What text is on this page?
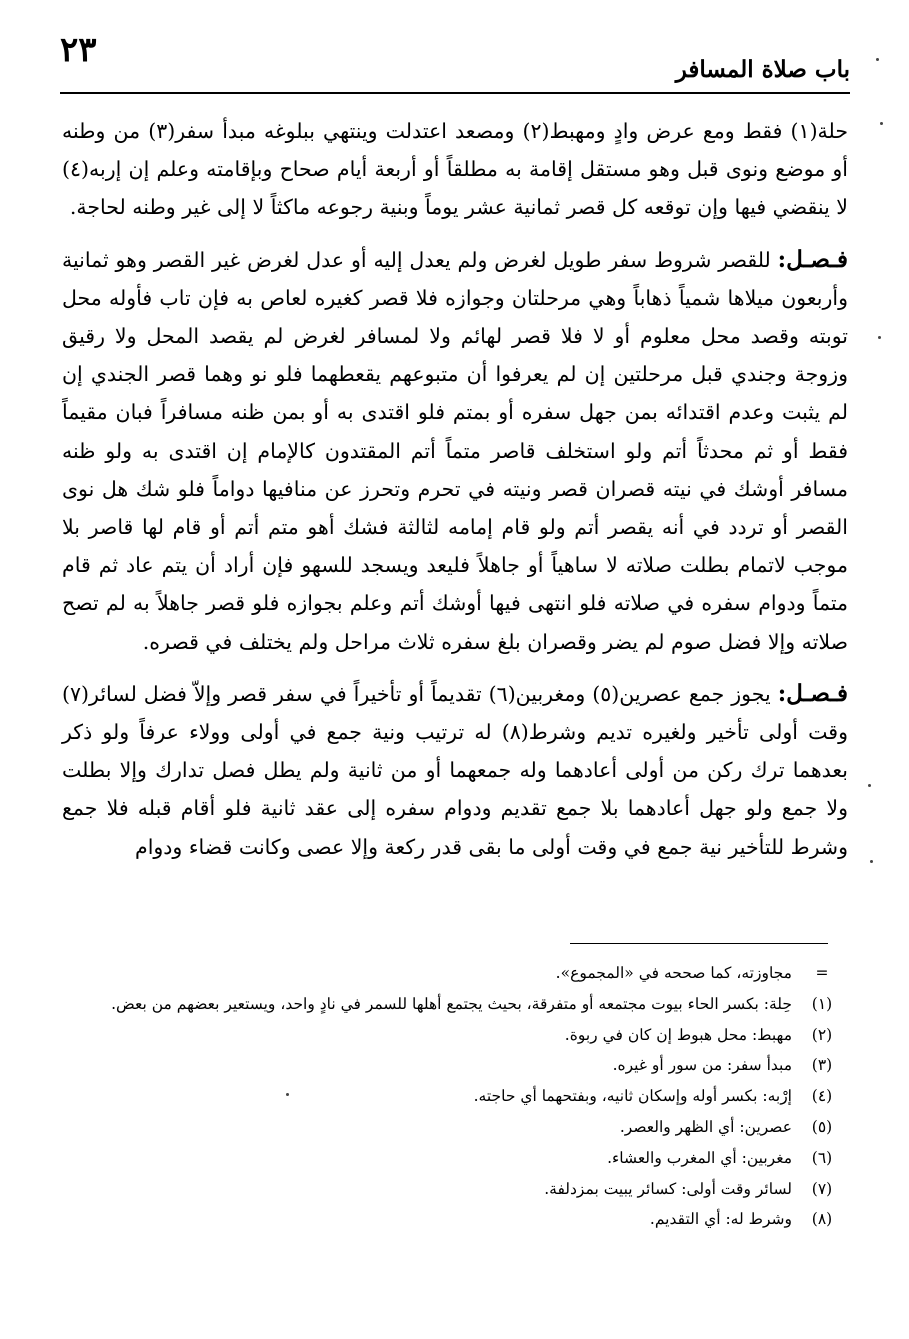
٢٣	باب صلاة المسافر

حلة(١) فقط ومع عرض وادٍ ومهبط(٢) ومصعد اعتدلت وينتهي ببلوغه مبدأ سفر(٣) من وطنه أو موضع ونوى قبل وهو مستقل إقامة به مطلقاً أو أربعة أيام صحاح وبإقامته وعلم إن إربه(٤) لا ينقضي فيها وإن توقعه كل قصر ثمانية عشر يوماً وبنية رجوعه ماكثاً لا إلى غير وطنه لحاجة.

فـصـل: للقصر شروط سفر طويل لغرض ولم يعدل إليه أو عدل لغرض غير القصر وهو ثمانية وأربعون ميلاها شمياً ذهاباً وهي مرحلتان وجوازه فلا قصر كغيره لعاص به فإن تاب فأوله محل توبته وقصد محل معلوم أو لا فلا قصر لهائم ولا لمسافر لغرض لم يقصد المحل ولا رقيق وزوجة وجندي قبل مرحلتين إن لم يعرفوا أن متبوعهم يقعطهما فلو نو وهما قصر الجندي إن لم يثبت وعدم اقتدائه بمن جهل سفره أو بمتم فلو اقتدى به أو بمن ظنه مسافراً فبان مقيماً فقط أو ثم محدثاً أتم ولو استخلف قاصر متماً أتم المقتدون كالإمام إن اقتدى به ولو ظنه مسافر أوشك في نيته قصران قصر ونيته في تحرم وتحرز عن منافيها دواماً فلو شك هل نوى القصر أو تردد في أنه يقصر أتم ولو قام إمامه لثالثة فشك أهو متم أتم أو قام لها قاصر بلا موجب لاتمام بطلت صلاته لا ساهياً أو جاهلاً فليعد ويسجد للسهو فإن أراد أن يتم عاد ثم قام متماً ودوام سفره في صلاته فلو انتهى فيها أوشك أتم وعلم بجوازه فلو قصر جاهلاً به لم تصح صلاته وإلا فضل صوم لم يضر وقصران بلغ سفره ثلاث مراحل ولم يختلف في قصره.

فـصـل: يجوز جمع عصرين(٥) ومغربين(٦) تقديماً أو تأخيراً في سفر قصر وإلاّ فضل لسائر(٧) وقت أولى تأخير ولغيره تديم وشرط(٨) له ترتيب ونية جمع في أولى وولاء عرفاً ولو ذكر بعدهما ترك ركن من أولى أعادهما وله جمعهما أو من ثانية ولم يطل فصل تدارك وإلا بطلت ولا جمع ولو جهل أعادهما بلا جمع تقديم ودوام سفره إلى عقد ثانية فلو أقام قبله فلا جمع وشرط للتأخير نية جمع في وقت أولى ما بقى قدر ركعة وإلا عصى وكانت قضاء ودوام

=
مجاوزته، كما صححه في «المجموع».
(١)
حِلة: بكسر الحاء بيوت مجتمعه أو متفرقة، بحيث يجتمع أهلها للسمر في نادٍ واحد، ويستعير بعضهم من بعض.
(٢)
مهبط: محل هبوط إن كان في ربوة.
(٣)
مبدأ سفر: من سور أو غيره.
(٤)
إرْبه: بكسر أوله وإسكان ثانيه، وبفتحهما أي حاجته.
(٥)
عصرين: أي الظهر والعصر.
(٦)
مغربين: أي المغرب والعشاء.
(٧)
لسائر وقت أولى: كسائر يبيت بمزدلفة.
(٨)
وشرط له: أي التقديم.
